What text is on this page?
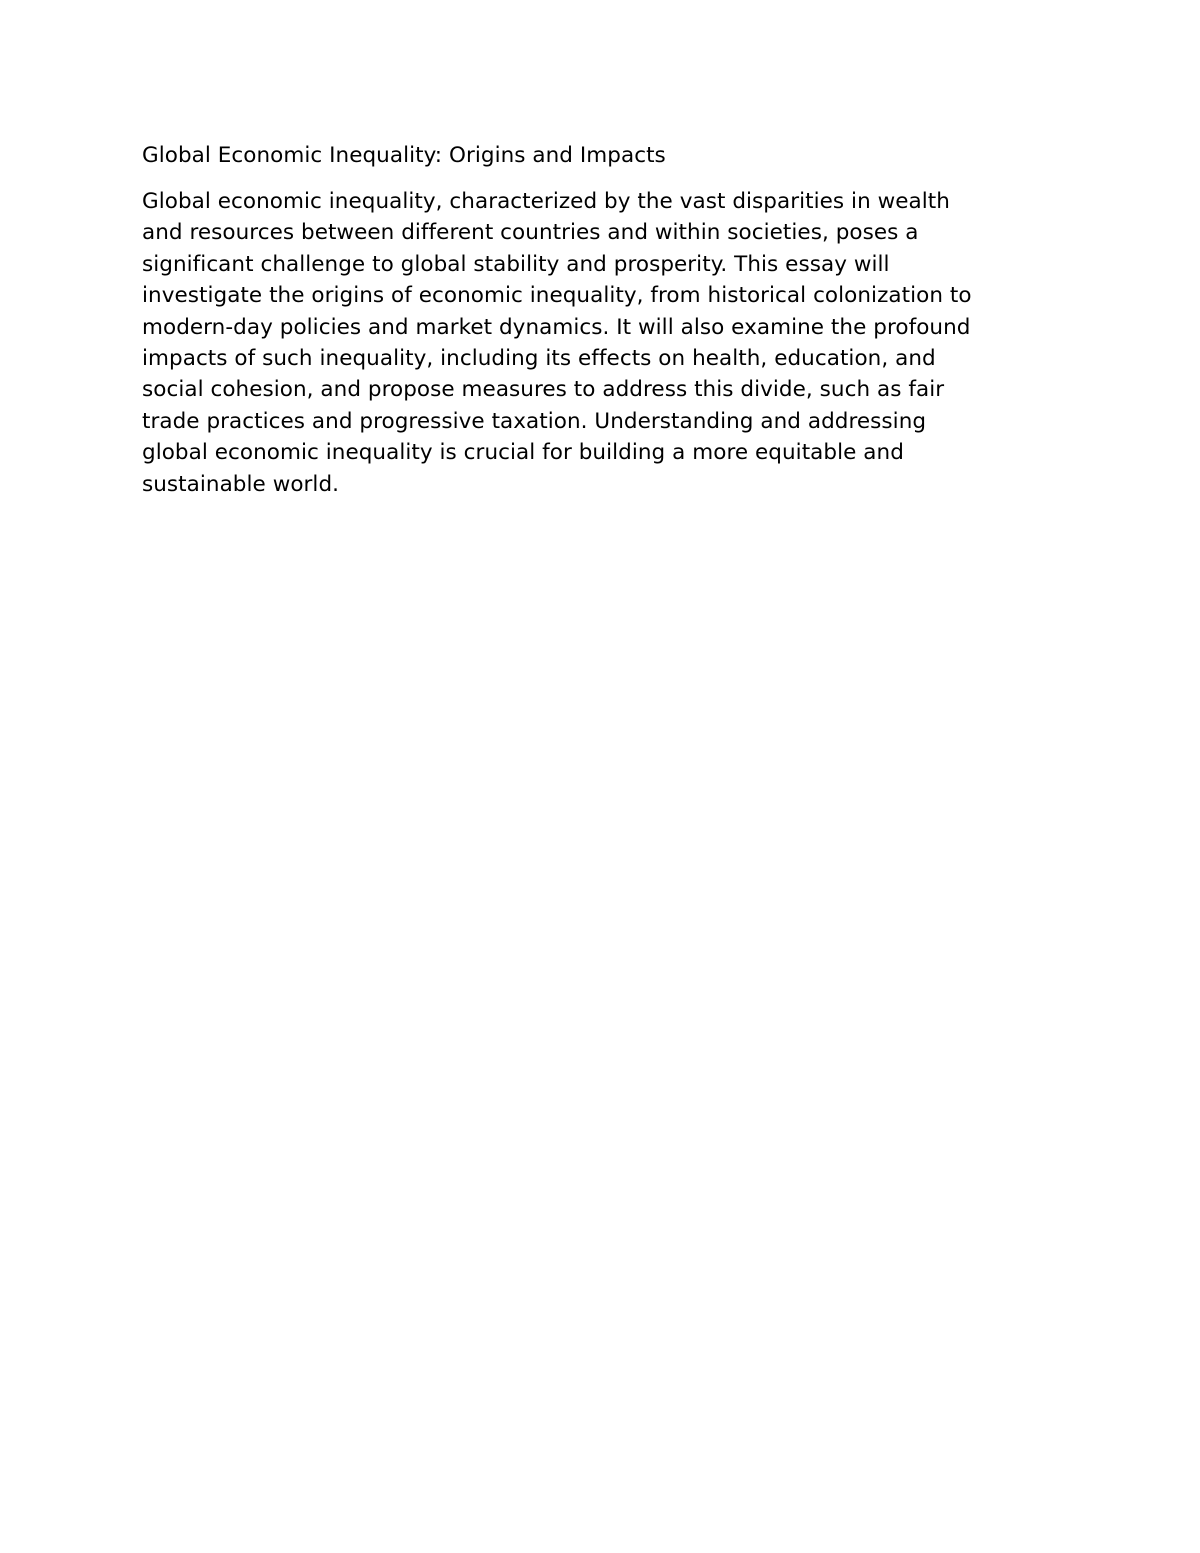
Global Economic Inequality: Origins and Impacts

Global economic inequality, characterized by the vast disparities in wealth
and resources between different countries and within societies, poses a
significant challenge to global stability and prosperity. This essay will
investigate the origins of economic inequality, from historical colonization to
modern-day policies and market dynamics. It will also examine the profound
impacts of such inequality, including its effects on health, education, and
social cohesion, and propose measures to address this divide, such as fair
trade practices and progressive taxation. Understanding and addressing
global economic inequality is crucial for building a more equitable and
sustainable world.
